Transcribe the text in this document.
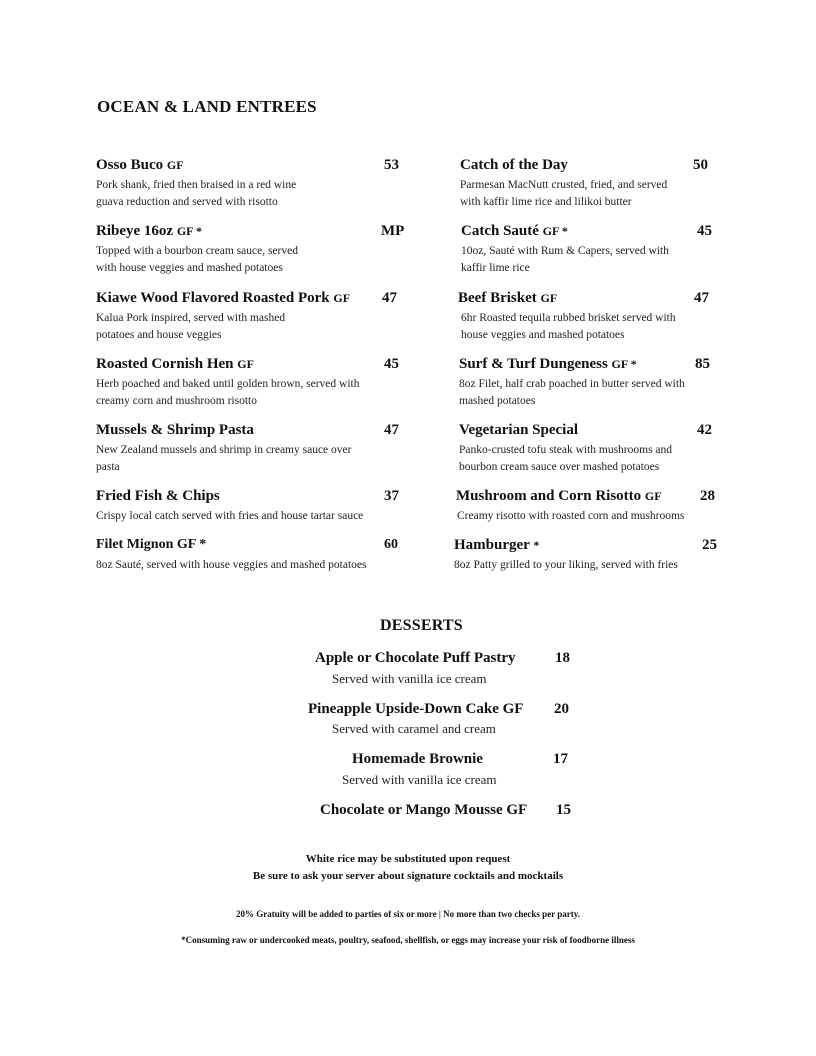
OCEAN & LAND ENTREES
Osso Buco GF	53
Pork shank, fried then braised in a red wine
guava reduction and served with risotto
Ribeye 16oz GF *	MP
Topped with a bourbon cream sauce, served
with house veggies and mashed potatoes
Kiawe Wood Flavored Roasted Pork GF 47
Kalua Pork inspired, served with mashed
potatoes and house veggies
Roasted Cornish Hen GF	45
Herb poached and baked until golden brown, served with
creamy corn and mushroom risotto
Mussels & Shrimp Pasta	47
New Zealand mussels and shrimp in creamy sauce over
pasta
Fried Fish & Chips	37
Crispy local catch served with fries and house tartar sauce
Filet Mignon GF *	60
8oz Sauté, served with house veggies and mashed potatoes
Catch of the Day	50
Parmesan MacNutt crusted, fried, and served
with kaffir lime rice and lilikoi butter
Catch Sauté GF *	45
10oz, Sauté with Rum & Capers, served with
kaffir lime rice
Beef Brisket GF	47
6hr Roasted tequila rubbed brisket served with
house veggies and mashed potatoes
Surf & Turf Dungeness GF *	85
8oz Filet, half crab poached in butter served with
mashed potatoes
Vegetarian Special	42
Panko-crusted tofu steak with mushrooms and
bourbon cream sauce over mashed potatoes
Mushroom and Corn Risotto GF	28
Creamy risotto with roasted corn and mushrooms
Hamburger *	25
8oz Patty grilled to your liking, served with fries
DESSERTS
Apple or Chocolate Puff Pastry	18
Served with vanilla ice cream
Pineapple Upside-Down Cake GF 20
Served with caramel and cream
Homemade Brownie	17
Served with vanilla ice cream
Chocolate or Mango Mousse GF 15
White rice may be substituted upon request
Be sure to ask your server about signature cocktails and mocktails
20% Gratuity will be added to parties of six or more | No more than two checks per party.
*Consuming raw or undercooked meats, poultry, seafood, shellfish, or eggs may increase your risk of foodborne illness
